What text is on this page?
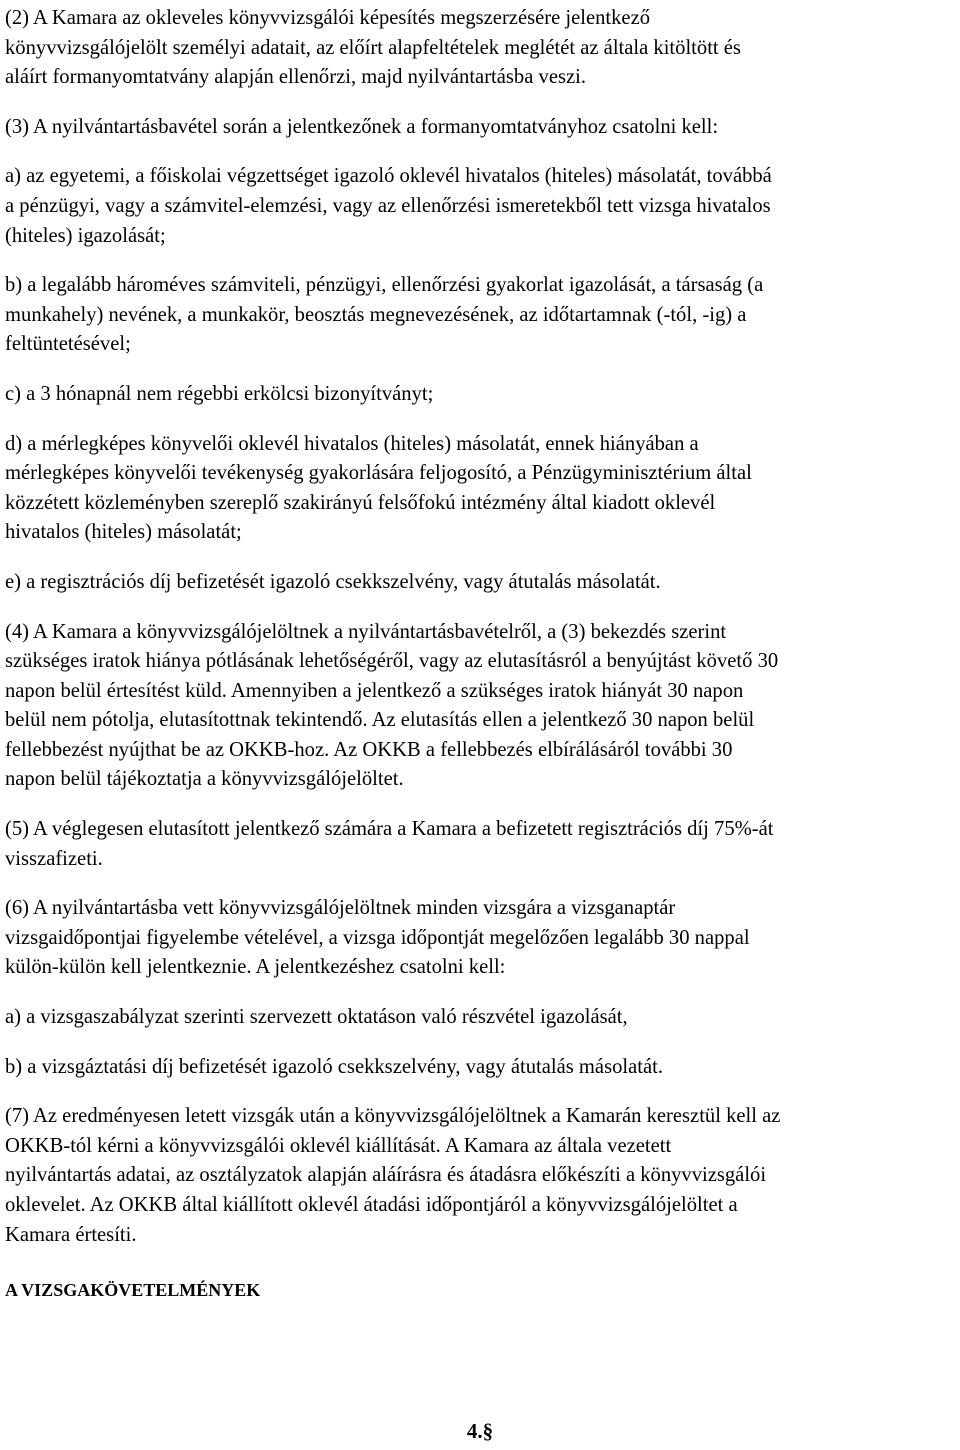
(2) A Kamara az okleveles könyvvizsgálói képesítés megszerzésére jelentkező
könyvvizsgálójelölt személyi adatait, az előírt alapfeltételek meglétét az általa kitöltött és
aláírt formanyomtatvány alapján ellenőrzi, majd nyilvántartásba veszi.
(3) A nyilvántartásbavétel során a jelentkezőnek a formanyomtatványhoz csatolni kell:
a) az egyetemi, a főiskolai végzettséget igazoló oklevél hivatalos (hiteles) másolatát, továbbá
a pénzügyi, vagy a számvitel-elemzési, vagy az ellenőrzési ismeretekből tett vizsga hivatalos
(hiteles) igazolását;
b) a legalább hároméves számviteli, pénzügyi, ellenőrzési gyakorlat igazolását, a társaság (a
munkahely) nevének, a munkakör, beosztás megnevezésének, az időtartamnak (-tól, -ig) a
feltüntetésével;
c) a 3 hónapnál nem régebbi erkölcsi bizonyítványt;
d) a mérlegképes könyvelői oklevél hivatalos (hiteles) másolatát, ennek hiányában a
mérlegképes könyvelői tevékenység gyakorlására feljogosító, a Pénzügyminisztérium által
közzétett közleményben szereplő szakirányú felsőfokú intézmény által kiadott oklevél
hivatalos (hiteles) másolatát;
e) a regisztrációs díj befizetését igazoló csekkszelvény, vagy átutalás másolatát.
(4) A Kamara a könyvvizsgálójelöltnek a nyilvántartásbavételről, a (3) bekezdés szerint
szükséges iratok hiánya pótlásának lehetőségéről, vagy az elutasításról a benyújtást követő 30
napon belül értesítést küld. Amennyiben a jelentkező a szükséges iratok hiányát 30 napon
belül nem pótolja, elutasítottnak tekintendő. Az elutasítás ellen a jelentkező 30 napon belül
fellebbezést nyújthat be az OKKB-hoz. Az OKKB a fellebbezés elbírálásáról további 30
napon belül tájékoztatja a könyvvizsgálójelöltet.
(5) A véglegesen elutasított jelentkező számára a Kamara a befizetett regisztrációs díj 75%-át
visszafizeti.
(6) A nyilvántartásba vett könyvvizsgálójelöltnek minden vizsgára a vizsganaptár
vizsgaidőpontjai figyelembe vételével, a vizsga időpontját megelőzően legalább 30 nappal
külön-külön kell jelentkeznie. A jelentkezéshez csatolni kell:
a) a vizsgaszabályzat szerinti szervezett oktatáson való részvétel igazolását,
b) a vizsgáztatási díj befizetését igazoló csekkszelvény, vagy átutalás másolatát.
(7) Az eredményesen letett vizsgák után a könyvvizsgálójelöltnek a Kamarán keresztül kell az
OKKB-tól kérni a könyvvizsgálói oklevél kiállítását. A Kamara az általa vezetett
nyilvántartás adatai, az osztályzatok alapján aláírásra és átadásra előkészíti a könyvvizsgálói
oklevelet. Az OKKB által kiállított oklevél átadási időpontjáról a könyvvizsgálójelöltet a
Kamara értesíti.
A VIZSGAKÖVETELMÉNYEK
4.§
